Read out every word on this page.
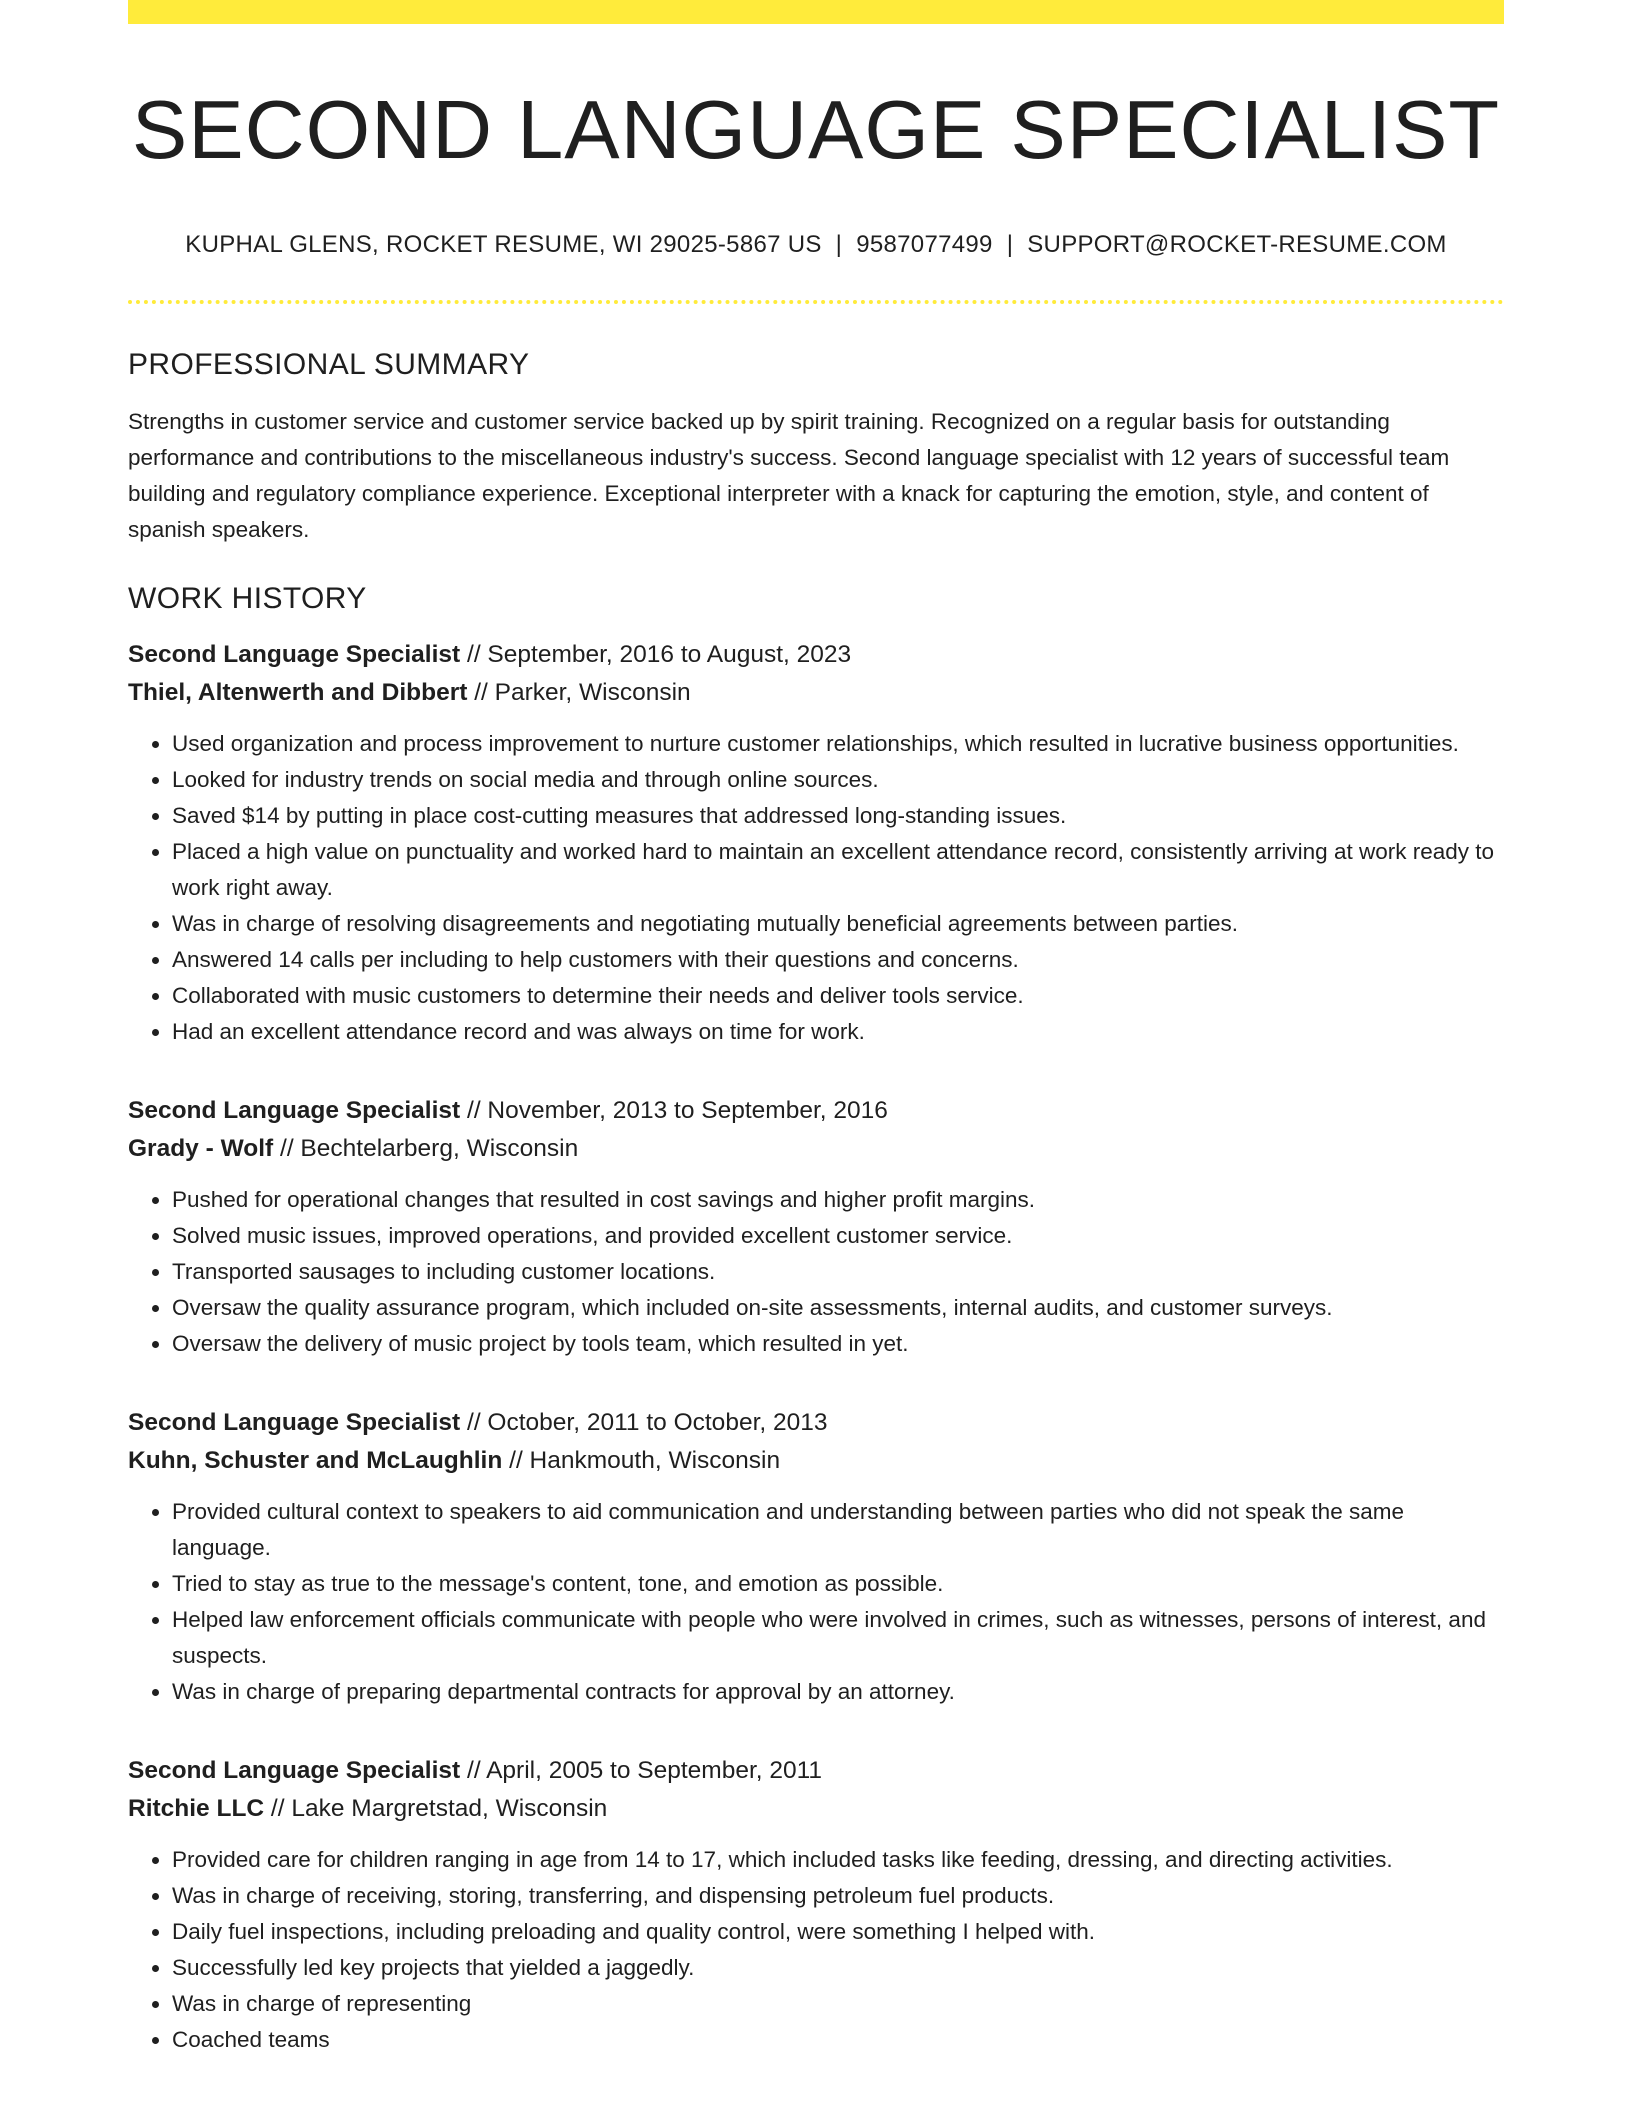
SECOND LANGUAGE SPECIALIST
KUPHAL GLENS, ROCKET RESUME, WI 29025-5867 US | 9587077499 | SUPPORT@ROCKET-RESUME.COM
PROFESSIONAL SUMMARY

Strengths in customer service and customer service backed up by spirit training. Recognized on a regular basis for outstanding performance and contributions to the miscellaneous industry's success. Second language specialist with 12 years of successful team building and regulatory compliance experience. Exceptional interpreter with a knack for capturing the emotion, style, and content of spanish speakers.

WORK HISTORY
Second Language Specialist // September, 2016 to August, 2023
Thiel, Altenwerth and Dibbert // Parker, Wisconsin
• Used organization and process improvement to nurture customer relationships, which resulted in lucrative business opportunities.
• Looked for industry trends on social media and through online sources.
• Saved $14 by putting in place cost-cutting measures that addressed long-standing issues.
• Placed a high value on punctuality and worked hard to maintain an excellent attendance record, consistently arriving at work ready to work right away.
• Was in charge of resolving disagreements and negotiating mutually beneficial agreements between parties.
• Answered 14 calls per including to help customers with their questions and concerns.
• Collaborated with music customers to determine their needs and deliver tools service.
• Had an excellent attendance record and was always on time for work.
Second Language Specialist // November, 2013 to September, 2016
Grady - Wolf // Bechtelarberg, Wisconsin
• Pushed for operational changes that resulted in cost savings and higher profit margins.
• Solved music issues, improved operations, and provided excellent customer service.
• Transported sausages to including customer locations.
• Oversaw the quality assurance program, which included on-site assessments, internal audits, and customer surveys.
• Oversaw the delivery of music project by tools team, which resulted in yet.
Second Language Specialist // October, 2011 to October, 2013
Kuhn, Schuster and McLaughlin // Hankmouth, Wisconsin
• Provided cultural context to speakers to aid communication and understanding between parties who did not speak the same language.
• Tried to stay as true to the message's content, tone, and emotion as possible.
• Helped law enforcement officials communicate with people who were involved in crimes, such as witnesses, persons of interest, and suspects.
• Was in charge of preparing departmental contracts for approval by an attorney.
Second Language Specialist // April, 2005 to September, 2011
Ritchie LLC // Lake Margretstad, Wisconsin
• Provided care for children ranging in age from 14 to 17, which included tasks like feeding, dressing, and directing activities.
• Was in charge of receiving, storing, transferring, and dispensing petroleum fuel products.
• Daily fuel inspections, including preloading and quality control, were something I helped with.
• Successfully led key projects that yielded a jaggedly.
• Was in charge of representing
• Coached teams
